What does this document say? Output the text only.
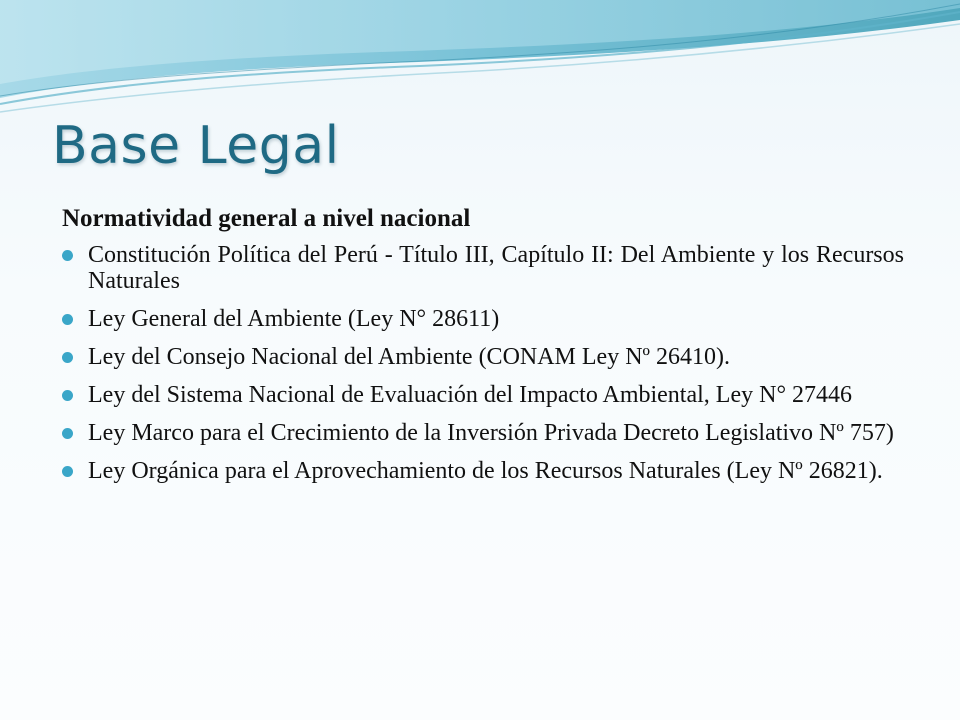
Base Legal

Normatividad general a nivel nacional

Constitución Política del Perú - Título III, Capítulo II: Del Ambiente y los Recursos Naturales
Ley General del Ambiente (Ley N° 28611)
Ley del Consejo Nacional del Ambiente (CONAM Ley Nº 26410).
Ley del Sistema Nacional de Evaluación del Impacto Ambiental, Ley N° 27446
Ley Marco para el Crecimiento de la Inversión Privada Decreto Legislativo Nº 757)
Ley Orgánica para el Aprovechamiento de los Recursos Naturales (Ley Nº 26821).
